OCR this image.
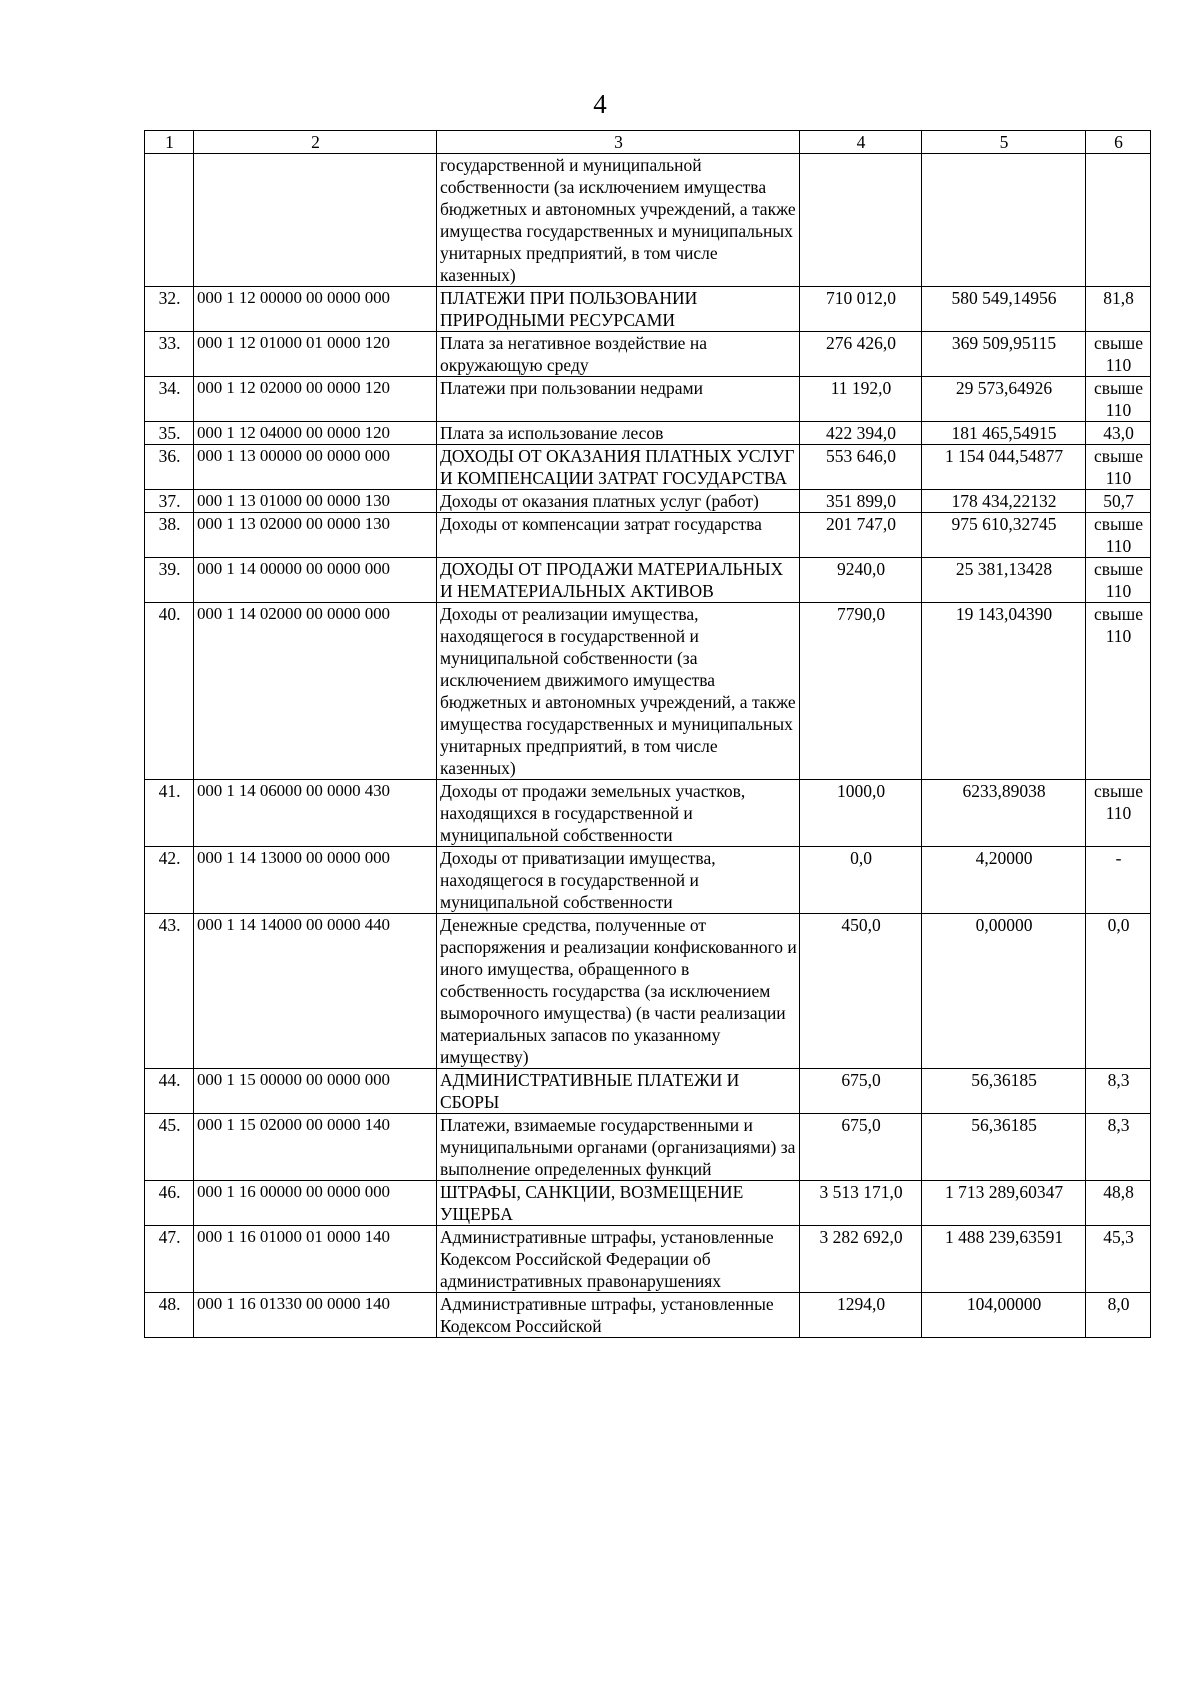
4
1	2	3	4	5	6
		государственной и муниципальной собственности (за исключением имущества бюджетных и автономных учреждений, а также имущества государственных и муниципальных унитарных предприятий, в том числе казенных)			
32.	000 1 12 00000 00 0000 000	ПЛАТЕЖИ ПРИ ПОЛЬЗОВАНИИ ПРИРОДНЫМИ РЕСУРСАМИ	710 012,0	580 549,14956	81,8
33.	000 1 12 01000 01 0000 120	Плата за негативное воздействие на окружающую среду	276 426,0	369 509,95115	свыше 110
34.	000 1 12 02000 00 0000 120	Платежи при пользовании недрами	11 192,0	29 573,64926	свыше 110
35.	000 1 12 04000 00 0000 120	Плата за использование лесов	422 394,0	181 465,54915	43,0
36.	000 1 13 00000 00 0000 000	ДОХОДЫ ОТ ОКАЗАНИЯ ПЛАТНЫХ УСЛУГ И КОМПЕНСАЦИИ ЗАТРАТ ГОСУДАРСТВА	553 646,0	1 154 044,54877	свыше 110
37.	000 1 13 01000 00 0000 130	Доходы от оказания платных услуг (работ)	351 899,0	178 434,22132	50,7
38.	000 1 13 02000 00 0000 130	Доходы от компенсации затрат государства	201 747,0	975 610,32745	свыше 110
39.	000 1 14 00000 00 0000 000	ДОХОДЫ ОТ ПРОДАЖИ МАТЕРИАЛЬНЫХ И НЕМАТЕРИАЛЬНЫХ АКТИВОВ	9240,0	25 381,13428	свыше 110
40.	000 1 14 02000 00 0000 000	Доходы от реализации имущества, находящегося в государственной и муниципальной собственности (за исключением движимого имущества бюджетных и автономных учреждений, а также имущества государственных и муниципальных унитарных предприятий, в том числе казенных)	7790,0	19 143,04390	свыше 110
41.	000 1 14 06000 00 0000 430	Доходы от продажи земельных участков, находящихся в государственной и муниципальной собственности	1000,0	6233,89038	свыше 110
42.	000 1 14 13000 00 0000 000	Доходы от приватизации имущества, находящегося в государственной и муниципальной собственности	0,0	4,20000	-
43.	000 1 14 14000 00 0000 440	Денежные средства, полученные от распоряжения и реализации конфискованного и иного имущества, обращенного в собственность государства (за исключением выморочного имущества) (в части реализации материальных запасов по указанному имуществу)	450,0	0,00000	0,0
44.	000 1 15 00000 00 0000 000	АДМИНИСТРАТИВНЫЕ ПЛАТЕЖИ И СБОРЫ	675,0	56,36185	8,3
45.	000 1 15 02000 00 0000 140	Платежи, взимаемые государственными и муниципальными органами (организациями) за выполнение определенных функций	675,0	56,36185	8,3
46.	000 1 16 00000 00 0000 000	ШТРАФЫ, САНКЦИИ, ВОЗМЕЩЕНИЕ УЩЕРБА	3 513 171,0	1 713 289,60347	48,8
47.	000 1 16 01000 01 0000 140	Административные штрафы, установленные Кодексом Российской Федерации об административных правонарушениях	3 282 692,0	1 488 239,63591	45,3
48.	000 1 16 01330 00 0000 140	Административные штрафы, установленные Кодексом Российской	1294,0	104,00000	8,0
